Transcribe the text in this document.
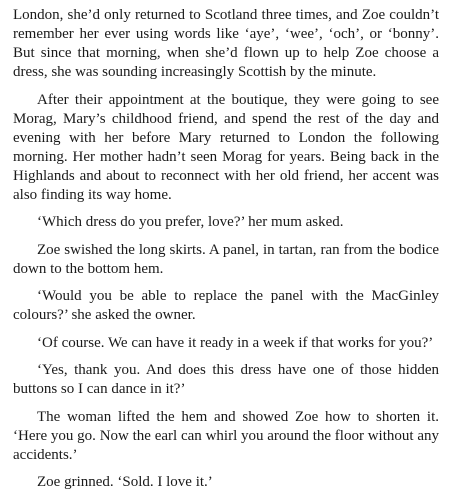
London, she’d only returned to Scotland three times, and Zoe couldn’t remember her ever using words like ‘aye’, ‘wee’, ‘och’, or ‘bonny’. But since that morning, when she’d flown up to help Zoe choose a dress, she was sounding increasingly Scottish by the minute.

After their appointment at the boutique, they were going to see Morag, Mary’s childhood friend, and spend the rest of the day and evening with her before Mary returned to London the following morning. Her mother hadn’t seen Morag for years. Being back in the Highlands and about to reconnect with her old friend, her accent was also finding its way home.

‘Which dress do you prefer, love?’ her mum asked.

Zoe swished the long skirts. A panel, in tartan, ran from the bodice down to the bottom hem.

‘Would you be able to replace the panel with the MacGinley colours?’ she asked the owner.

‘Of course. We can have it ready in a week if that works for you?’

‘Yes, thank you. And does this dress have one of those hidden buttons so I can dance in it?’

The woman lifted the hem and showed Zoe how to shorten it. ‘Here you go. Now the earl can whirl you around the floor without any accidents.’

Zoe grinned. ‘Sold. I love it.’
